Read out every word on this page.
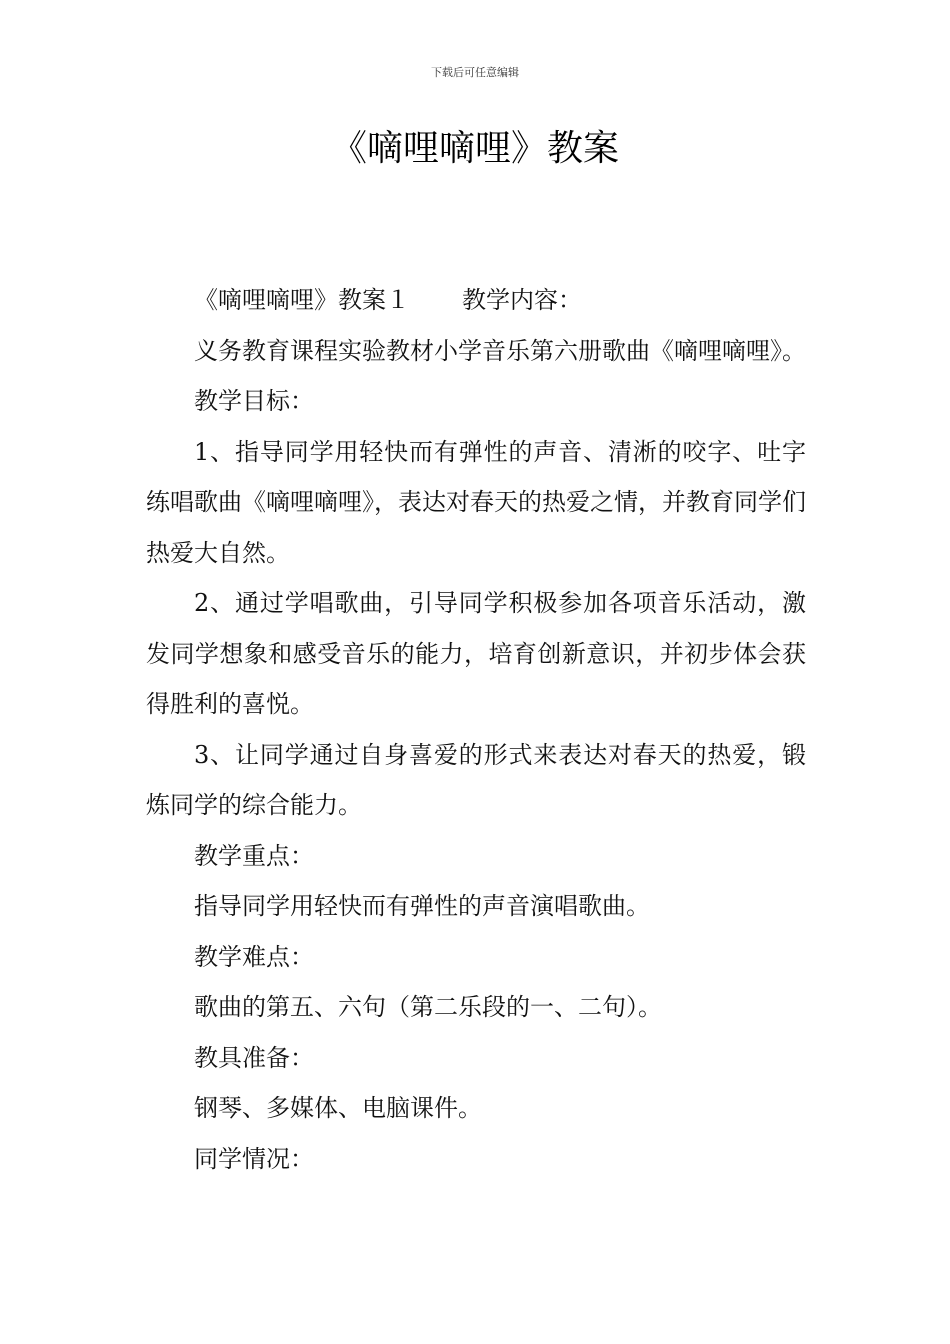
下载后可任意编辑
《嘀哩嘀哩》教案

《嘀哩嘀哩》教案１ 教学内容：

义务教育课程实验教材小学音乐第六册歌曲《嘀哩嘀哩》。

教学目标：

1、指导同学用轻快而有弹性的声音、清淅的咬字、吐字练唱歌曲《嘀哩嘀哩》，表达对春天的热爱之情，并教育同学们热爱大自然。

2、通过学唱歌曲，引导同学积极参加各项音乐活动，激发同学想象和感受音乐的能力，培育创新意识，并初步体会获得胜利的喜悦。

3、让同学通过自身喜爱的形式来表达对春天的热爱，锻炼同学的综合能力。

教学重点：

指导同学用轻快而有弹性的声音演唱歌曲。

教学难点：

歌曲的第五、六句（第二乐段的一、二句）。

教具准备：

钢琴、多媒体、电脑课件。

同学情况：
